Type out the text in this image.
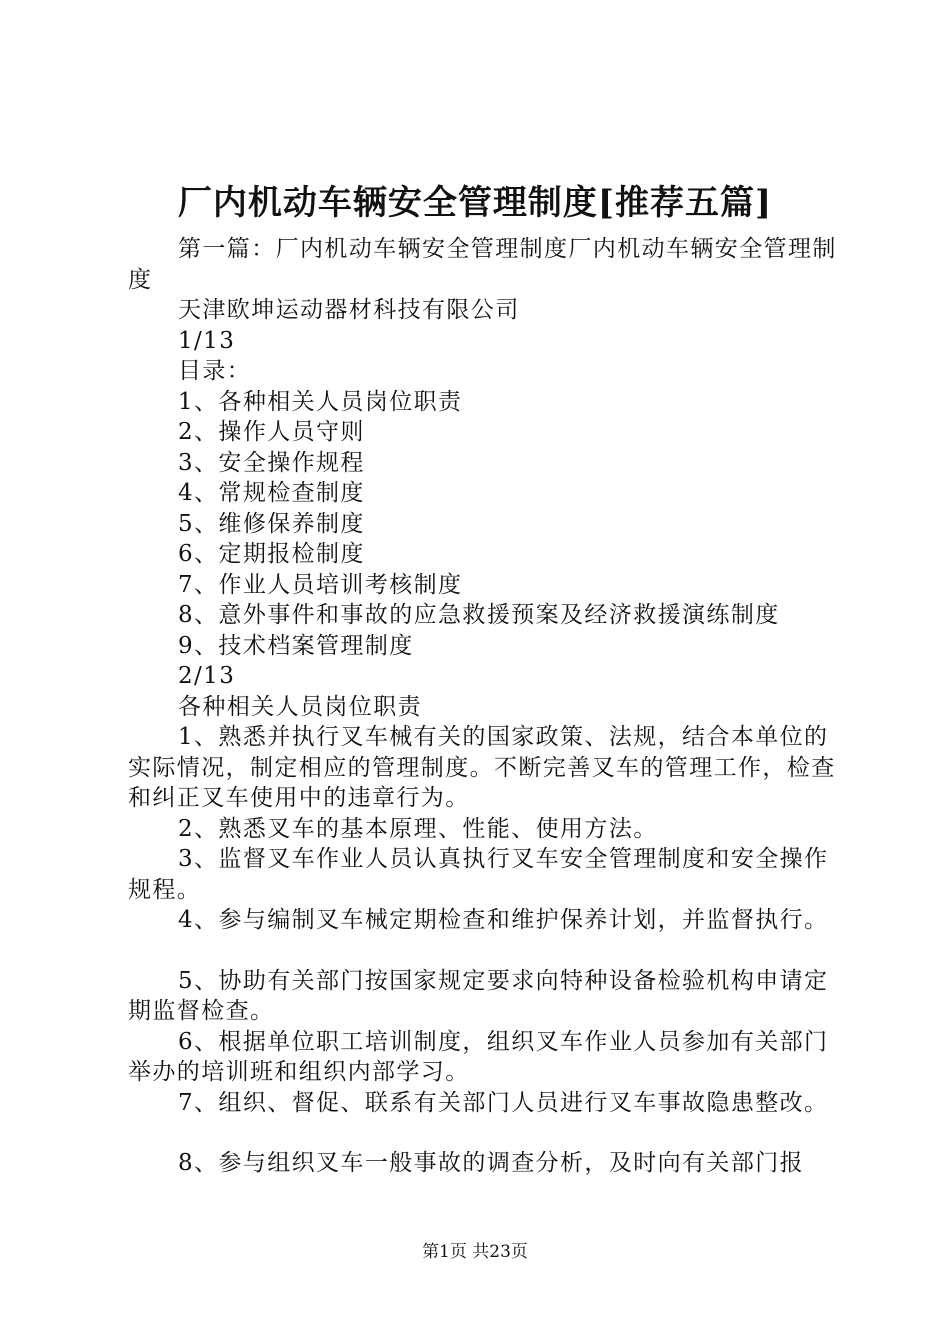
厂内机动车辆安全管理制度[推荐五篇]

第一篇：厂内机动车辆安全管理制度厂内机动车辆安全管理制度

天津欧坤运动器材科技有限公司

1/13

目录：

1、各种相关人员岗位职责

2、操作人员守则

3、安全操作规程

4、常规检查制度

5、维修保养制度

6、定期报检制度

7、作业人员培训考核制度

8、意外事件和事故的应急救援预案及经济救援演练制度

9、技术档案管理制度

2/13

各种相关人员岗位职责

1、熟悉并执行叉车械有关的国家政策、法规，结合本单位的实际情况，制定相应的管理制度。不断完善叉车的管理工作，检查和纠正叉车使用中的违章行为。

2、熟悉叉车的基本原理、性能、使用方法。

3、监督叉车作业人员认真执行叉车安全管理制度和安全操作规程。

4、参与编制叉车械定期检查和维护保养计划，并监督执行。

5、协助有关部门按国家规定要求向特种设备检验机构申请定期监督检查。

6、根据单位职工培训制度，组织叉车作业人员参加有关部门举办的培训班和组织内部学习。

7、组织、督促、联系有关部门人员进行叉车事故隐患整改。

8、参与组织叉车一般事故的调查分析，及时向有关部门报

第1页 共23页
